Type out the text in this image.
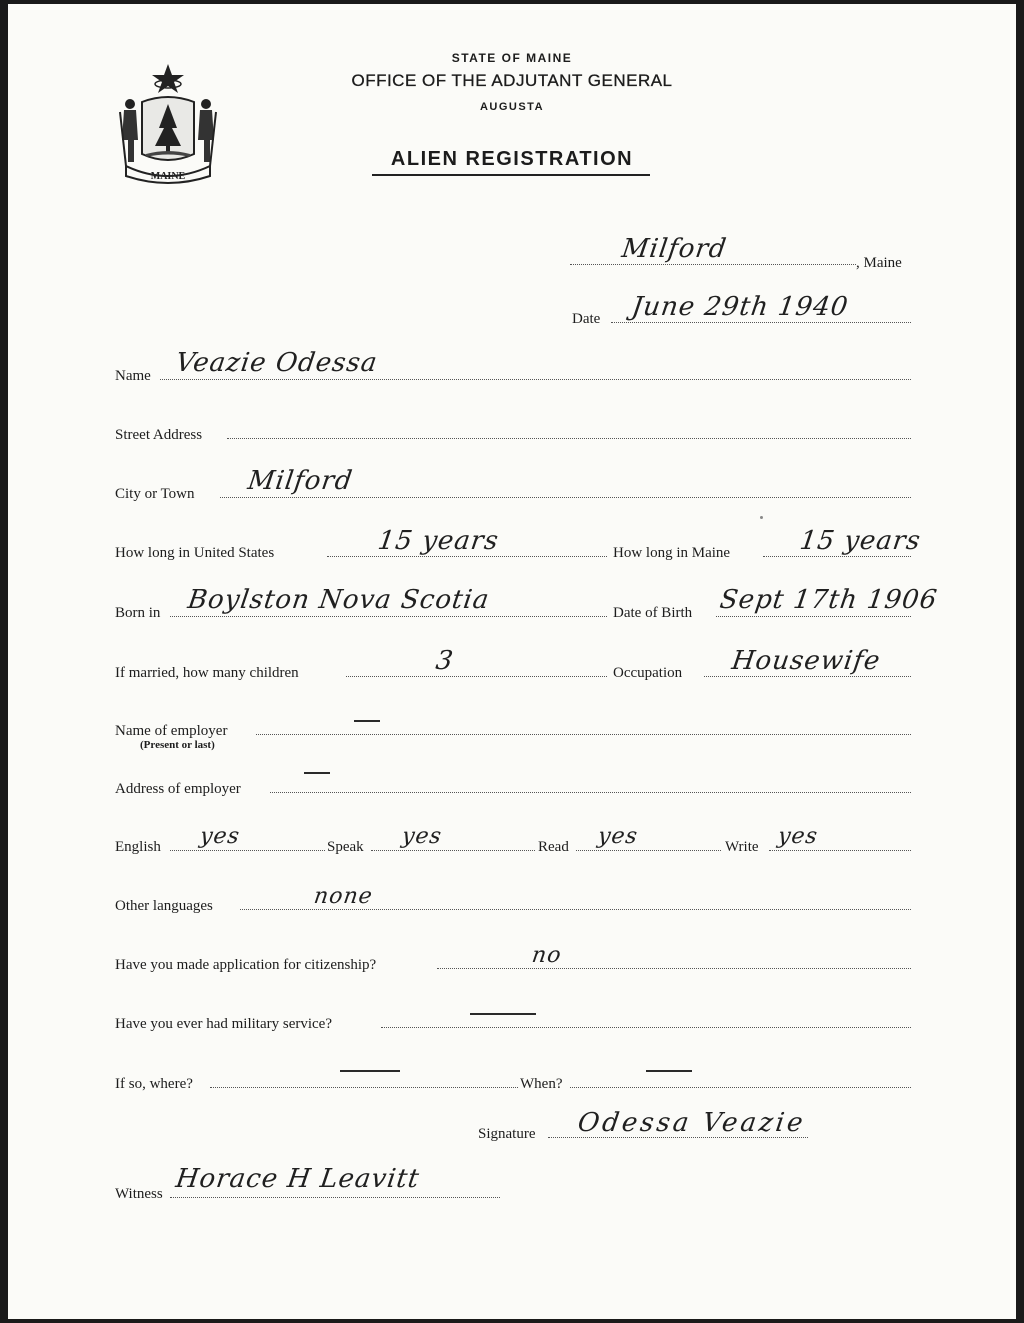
MAINE
STATE OF MAINE
OFFICE OF THE ADJUTANT GENERAL
AUGUSTA
ALIEN REGISTRATION
Milford	, Maine
Date June 29th 1940
Name Veazie Odessa
Street Address
City or Town Milford
How long in United States	15 years	How long in Maine	15 years
Born in Boylston Nova Scotia	Date of Birth Sept 17th 1906
If married, how many children	3	Occupation Housewife
Name of employer
(Present or last)
Address of employer
English yes	Speak yes	Read yes	Write yes
Other languages	none
Have you made application for citizenship?	no
Have you ever had military service?
If so, where?	When?
Signature Odessa Veazie
Witness Horace H Leavitt
